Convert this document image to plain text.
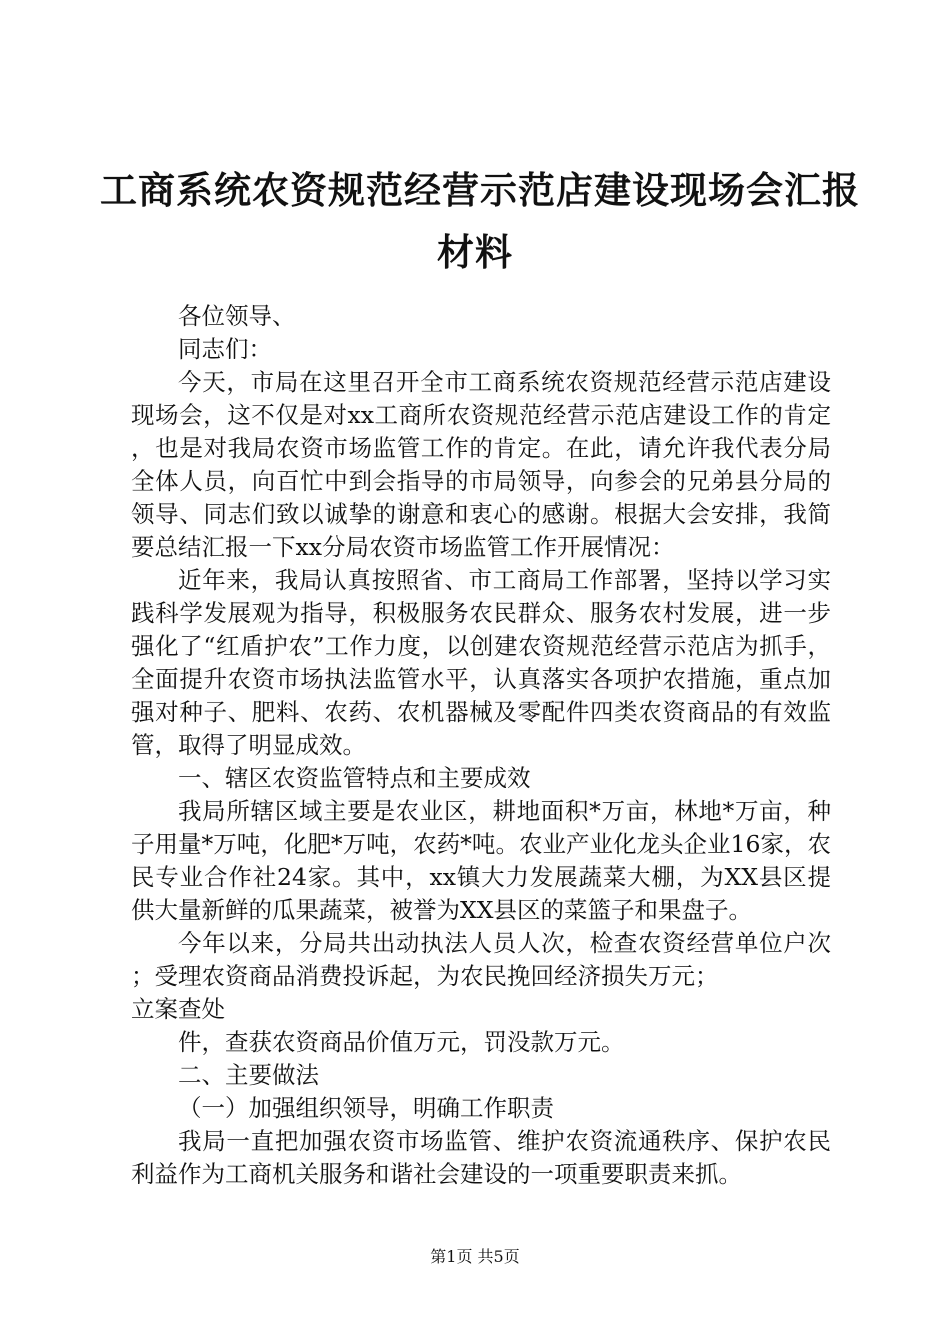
工商系统农资规范经营示范店建设现场会汇报
材料

各位领导、

同志们：

今天，市局在这里召开全市工商系统农资规范经营示范店建设现场会，这不仅是对xx工商所农资规范经营示范店建设工作的肯定，也是对我局农资市场监管工作的肯定。在此，请允许我代表分局全体人员，向百忙中到会指导的市局领导，向参会的兄弟县分局的领导、同志们致以诚挚的谢意和衷心的感谢。根据大会安排，我简要总结汇报一下xx分局农资市场监管工作开展情况：

近年来，我局认真按照省、市工商局工作部署，坚持以学习实践科学发展观为指导，积极服务农民群众、服务农村发展，进一步强化了“红盾护农”工作力度，以创建农资规范经营示范店为抓手，全面提升农资市场执法监管水平，认真落实各项护农措施，重点加强对种子、肥料、农药、农机器械及零配件四类农资商品的有效监管，取得了明显成效。

一、辖区农资监管特点和主要成效

我局所辖区域主要是农业区，耕地面积*万亩，林地*万亩，种子用量*万吨，化肥*万吨，农药*吨。农业产业化龙头企业16家，农民专业合作社24家。其中，xx镇大力发展蔬菜大棚，为XX县区提供大量新鲜的瓜果蔬菜，被誉为XX县区的菜篮子和果盘子。

今年以来，分局共出动执法人员人次，检查农资经营单位户次；受理农资商品消费投诉起，为农民挽回经济损失万元；

立案查处

件，查获农资商品价值万元，罚没款万元。

二、主要做法

（一）加强组织领导，明确工作职责

我局一直把加强农资市场监管、维护农资流通秩序、保护农民利益作为工商机关服务和谐社会建设的一项重要职责来抓。

第1页 共5页
